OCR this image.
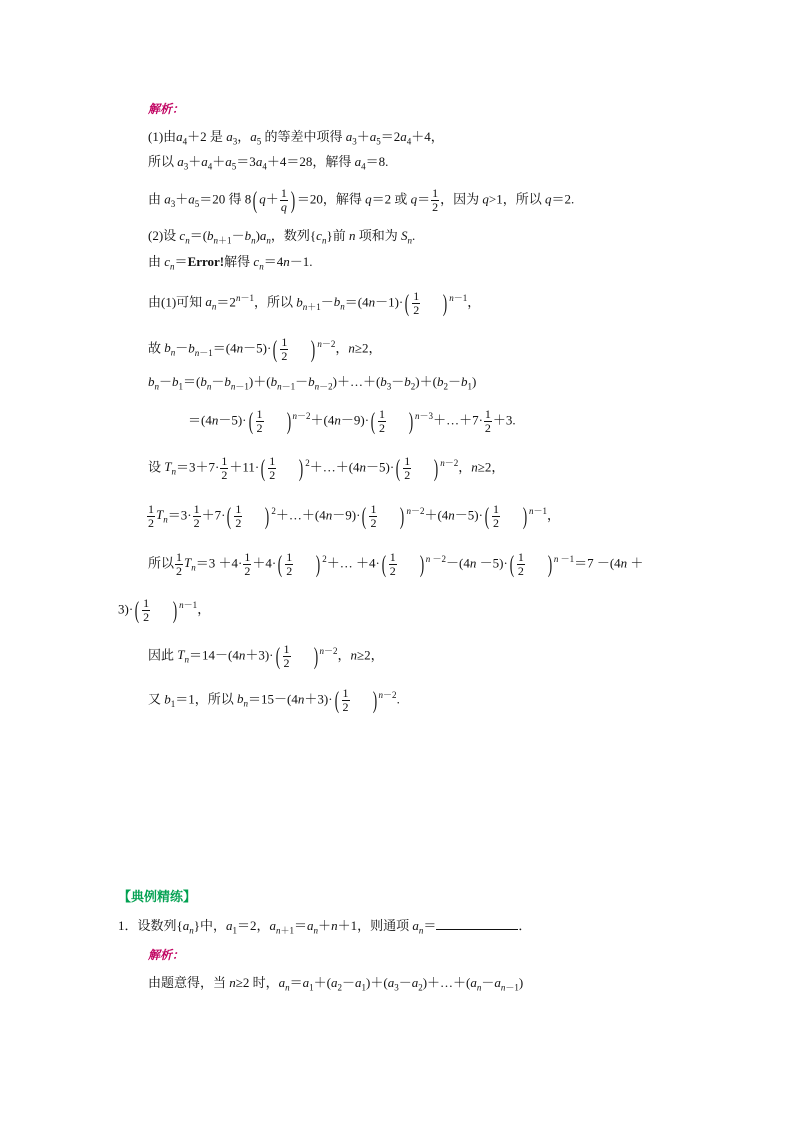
解析：
(1)由$a_4+2$ 是 $a_3$，$a_5$ 的等差中项得 $a_3+a_5=2a_4+4$，
所以 $a_3+a_4+a_5=3a_4+4=28$，解得 $a_4=8$.
由 $a_3+a_5=20$ 得 8( $q+ \frac{1}{q}$ ) ＝20，解得 q＝2 或 $q= \frac{1}{2}$ ，因为 q>1，所以 q＝2.
(2)设 $c_n=(b_{n+1}-b_n)a_n$，数列$\{c_n\}$前 n 项和为 $S_n$.
由 $c_n=Error$!解得 $c_n=4n-1$.
由(1)可知 $a_n=2^{n-1}$，所以 $b_{n+1}-b_n=(4n-1)\cdot( \frac{1}{2}$ ) $^{n-1}$，
故 $b_n-b_{n-1}=(4n-5)\cdot( \frac{1}{2}$ ) $^{n-2}$，n≥2，
$b_n-b_1=(b_n-b_{n-1})+(b_{n-1}-b_{n-2})+\dots+(b_3-b_2)+(b_2-b_1)$
$=(4n-5)\cdot( \frac{1}{2}$ ) $^{n-2}+(4n-9)\cdot( \frac{1}{2}$ ) $^{n-3}$＋…＋7· $\frac{1}{2} +3$.
设 $T_n=3+7\cdot \frac{1}{2} +11\cdot( \frac{1}{2}$ ) $^2$＋…＋(4n－5)·( $\frac{1}{2}$ ) $^{n-2}$，n≥2，
$\frac{1}{2} T_n=3\cdot \frac{1}{2} +7\cdot( \frac{1}{2}$ ) $^2$＋…＋(4n－9)·( $\frac{1}{2}$ ) $^{n-2}+(4n-5)\cdot( \frac{1}{2}$ ) $^{n-1}$，
所以 $\frac{1}{2} T_n=3 +4\cdot \frac{1}{2} +4\cdot( \frac{1}{2}$ ) $^2$＋… $+4\cdot( \frac{1}{2}$ ) $^{n -2}-(4n -5)\cdot( \frac{1}{2}$ ) $^{n -1}$＝7 －(4n ＋
$3)\cdot( \frac{1}{2}$ ) $^{n-1}$，
因此 $T_n=14-(4n+3)\cdot( \frac{1}{2}$ ) $^{n-2}$，n≥2，
又 $b_1=1$，所以 $b_n=15-(4n+3)\cdot( \frac{1}{2}$ ) $^{n-2}$.
【典例精练】
1．设数列$\{a_n\}$中，$a_1=2$，$a_{n+1}=a_n+n+1$，则通项 $a_n=$	．
解析：
由题意得，当 n≥2 时，$a_n=a_1+(a_2-a_1)+(a_3-a_2)+\dots+(a_n-a_{n-1})$
